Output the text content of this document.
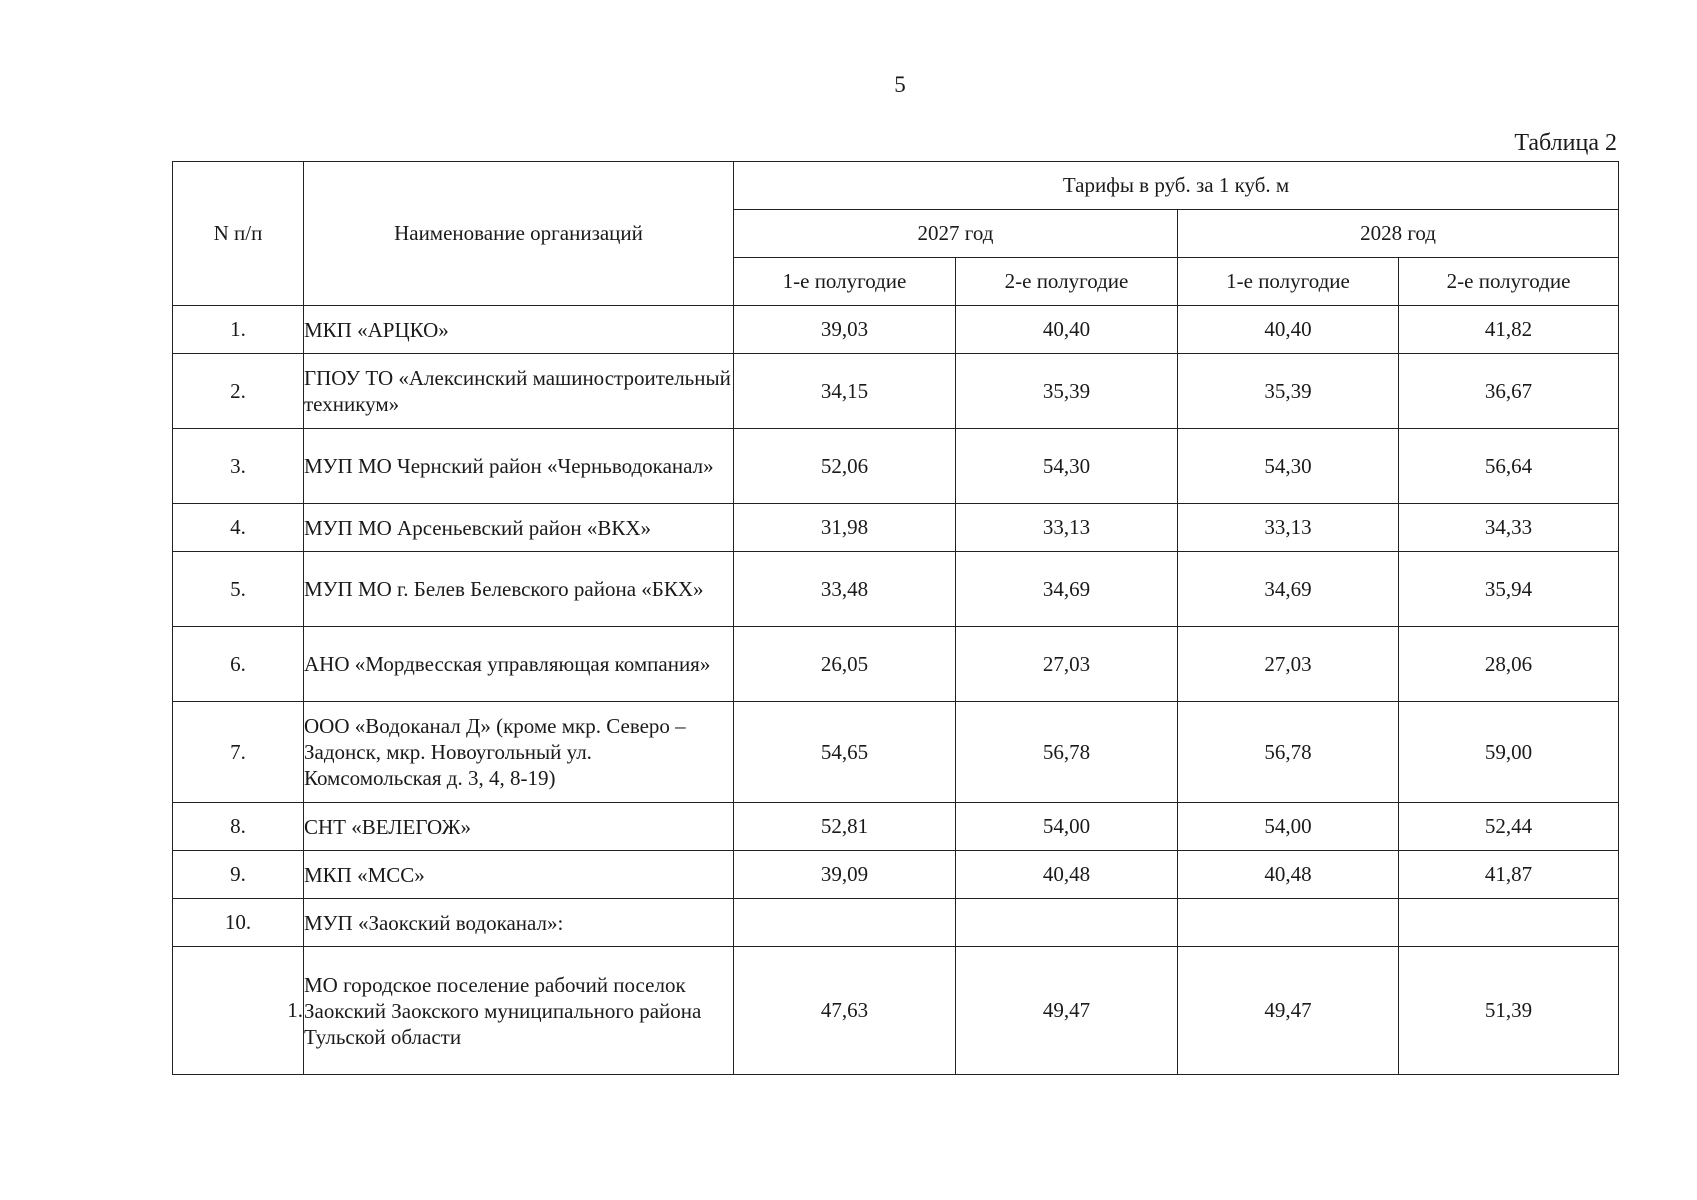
5
Таблица 2
N п/п	Наименование организаций	Тарифы в руб. за 1 куб. м			
		2027 год		2028 год	
		1-е полугодие	2-е полугодие	1-е полугодие	2-е полугодие
1.	МКП «АРЦКО»	39,03	40,40	40,40	41,82
2.	ГПОУ ТО «Алексинский машиностроительный техникум»	34,15	35,39	35,39	36,67
3.	МУП МО Чернский район «Черньводоканал»	52,06	54,30	54,30	56,64
4.	МУП МО Арсеньевский район «ВКХ»	31,98	33,13	33,13	34,33
5.	МУП МО г. Белев Белевского района «БКХ»	33,48	34,69	34,69	35,94
6.	АНО «Мордвесская управляющая компания»	26,05	27,03	27,03	28,06
7.	ООО «Водоканал Д» (кроме мкр. Северо – Задонск, мкр. Новоугольный ул. Комсомольская д. 3, 4, 8-19)	54,65	56,78	56,78	59,00
8.	СНТ «ВЕЛЕГОЖ»	52,81	54,00	54,00	52,44
9.	МКП «МСС»	39,09	40,48	40,48	41,87
10.	МУП «Заокский водоканал»:				
1.	МО городское поселение рабочий поселок Заокский Заокского муниципального района Тульской области	47,63	49,47	49,47	51,39
